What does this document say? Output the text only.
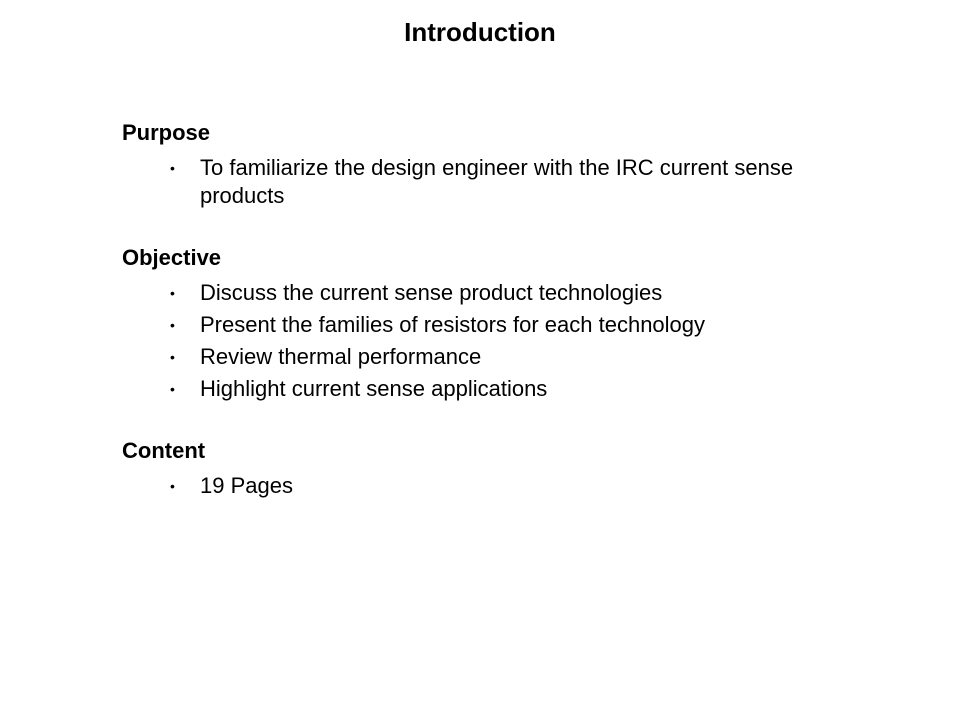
Introduction
Purpose
• To familiarize the design engineer with the IRC current sense products
Objective
• Discuss the current sense product technologies
• Present the families of resistors for each technology
• Review thermal performance
• Highlight current sense applications
Content
• 19 Pages
